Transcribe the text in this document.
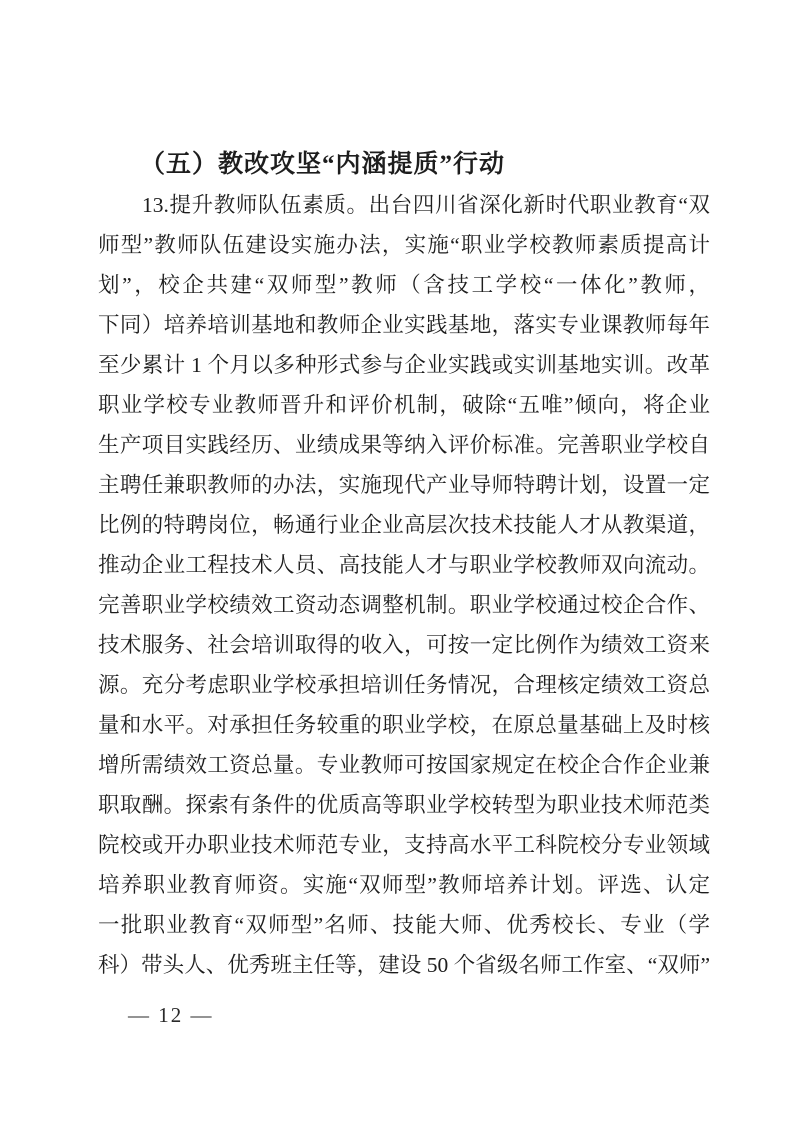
（五）教改攻坚“内涵提质”行动
13.提升教师队伍素质。出台四川省深化新时代职业教育“双
师型”教师队伍建设实施办法，实施“职业学校教师素质提高计
划”，校企共建“双师型”教师（含技工学校“一体化”教师，
下同）培养培训基地和教师企业实践基地，落实专业课教师每年
至少累计 1 个月以多种形式参与企业实践或实训基地实训。改革
职业学校专业教师晋升和评价机制，破除“五唯”倾向，将企业
生产项目实践经历、业绩成果等纳入评价标准。完善职业学校自
主聘任兼职教师的办法，实施现代产业导师特聘计划，设置一定
比例的特聘岗位，畅通行业企业高层次技术技能人才从教渠道，
推动企业工程技术人员、高技能人才与职业学校教师双向流动。
完善职业学校绩效工资动态调整机制。职业学校通过校企合作、
技术服务、社会培训取得的收入，可按一定比例作为绩效工资来
源。充分考虑职业学校承担培训任务情况，合理核定绩效工资总
量和水平。对承担任务较重的职业学校，在原总量基础上及时核
增所需绩效工资总量。专业教师可按国家规定在校企合作企业兼
职取酬。探索有条件的优质高等职业学校转型为职业技术师范类
院校或开办职业技术师范专业，支持高水平工科院校分专业领域
培养职业教育师资。实施“双师型”教师培养计划。评选、认定
一批职业教育“双师型”名师、技能大师、优秀校长、专业（学
科）带头人、优秀班主任等，建设 50 个省级名师工作室、“双师”
— 12 —
